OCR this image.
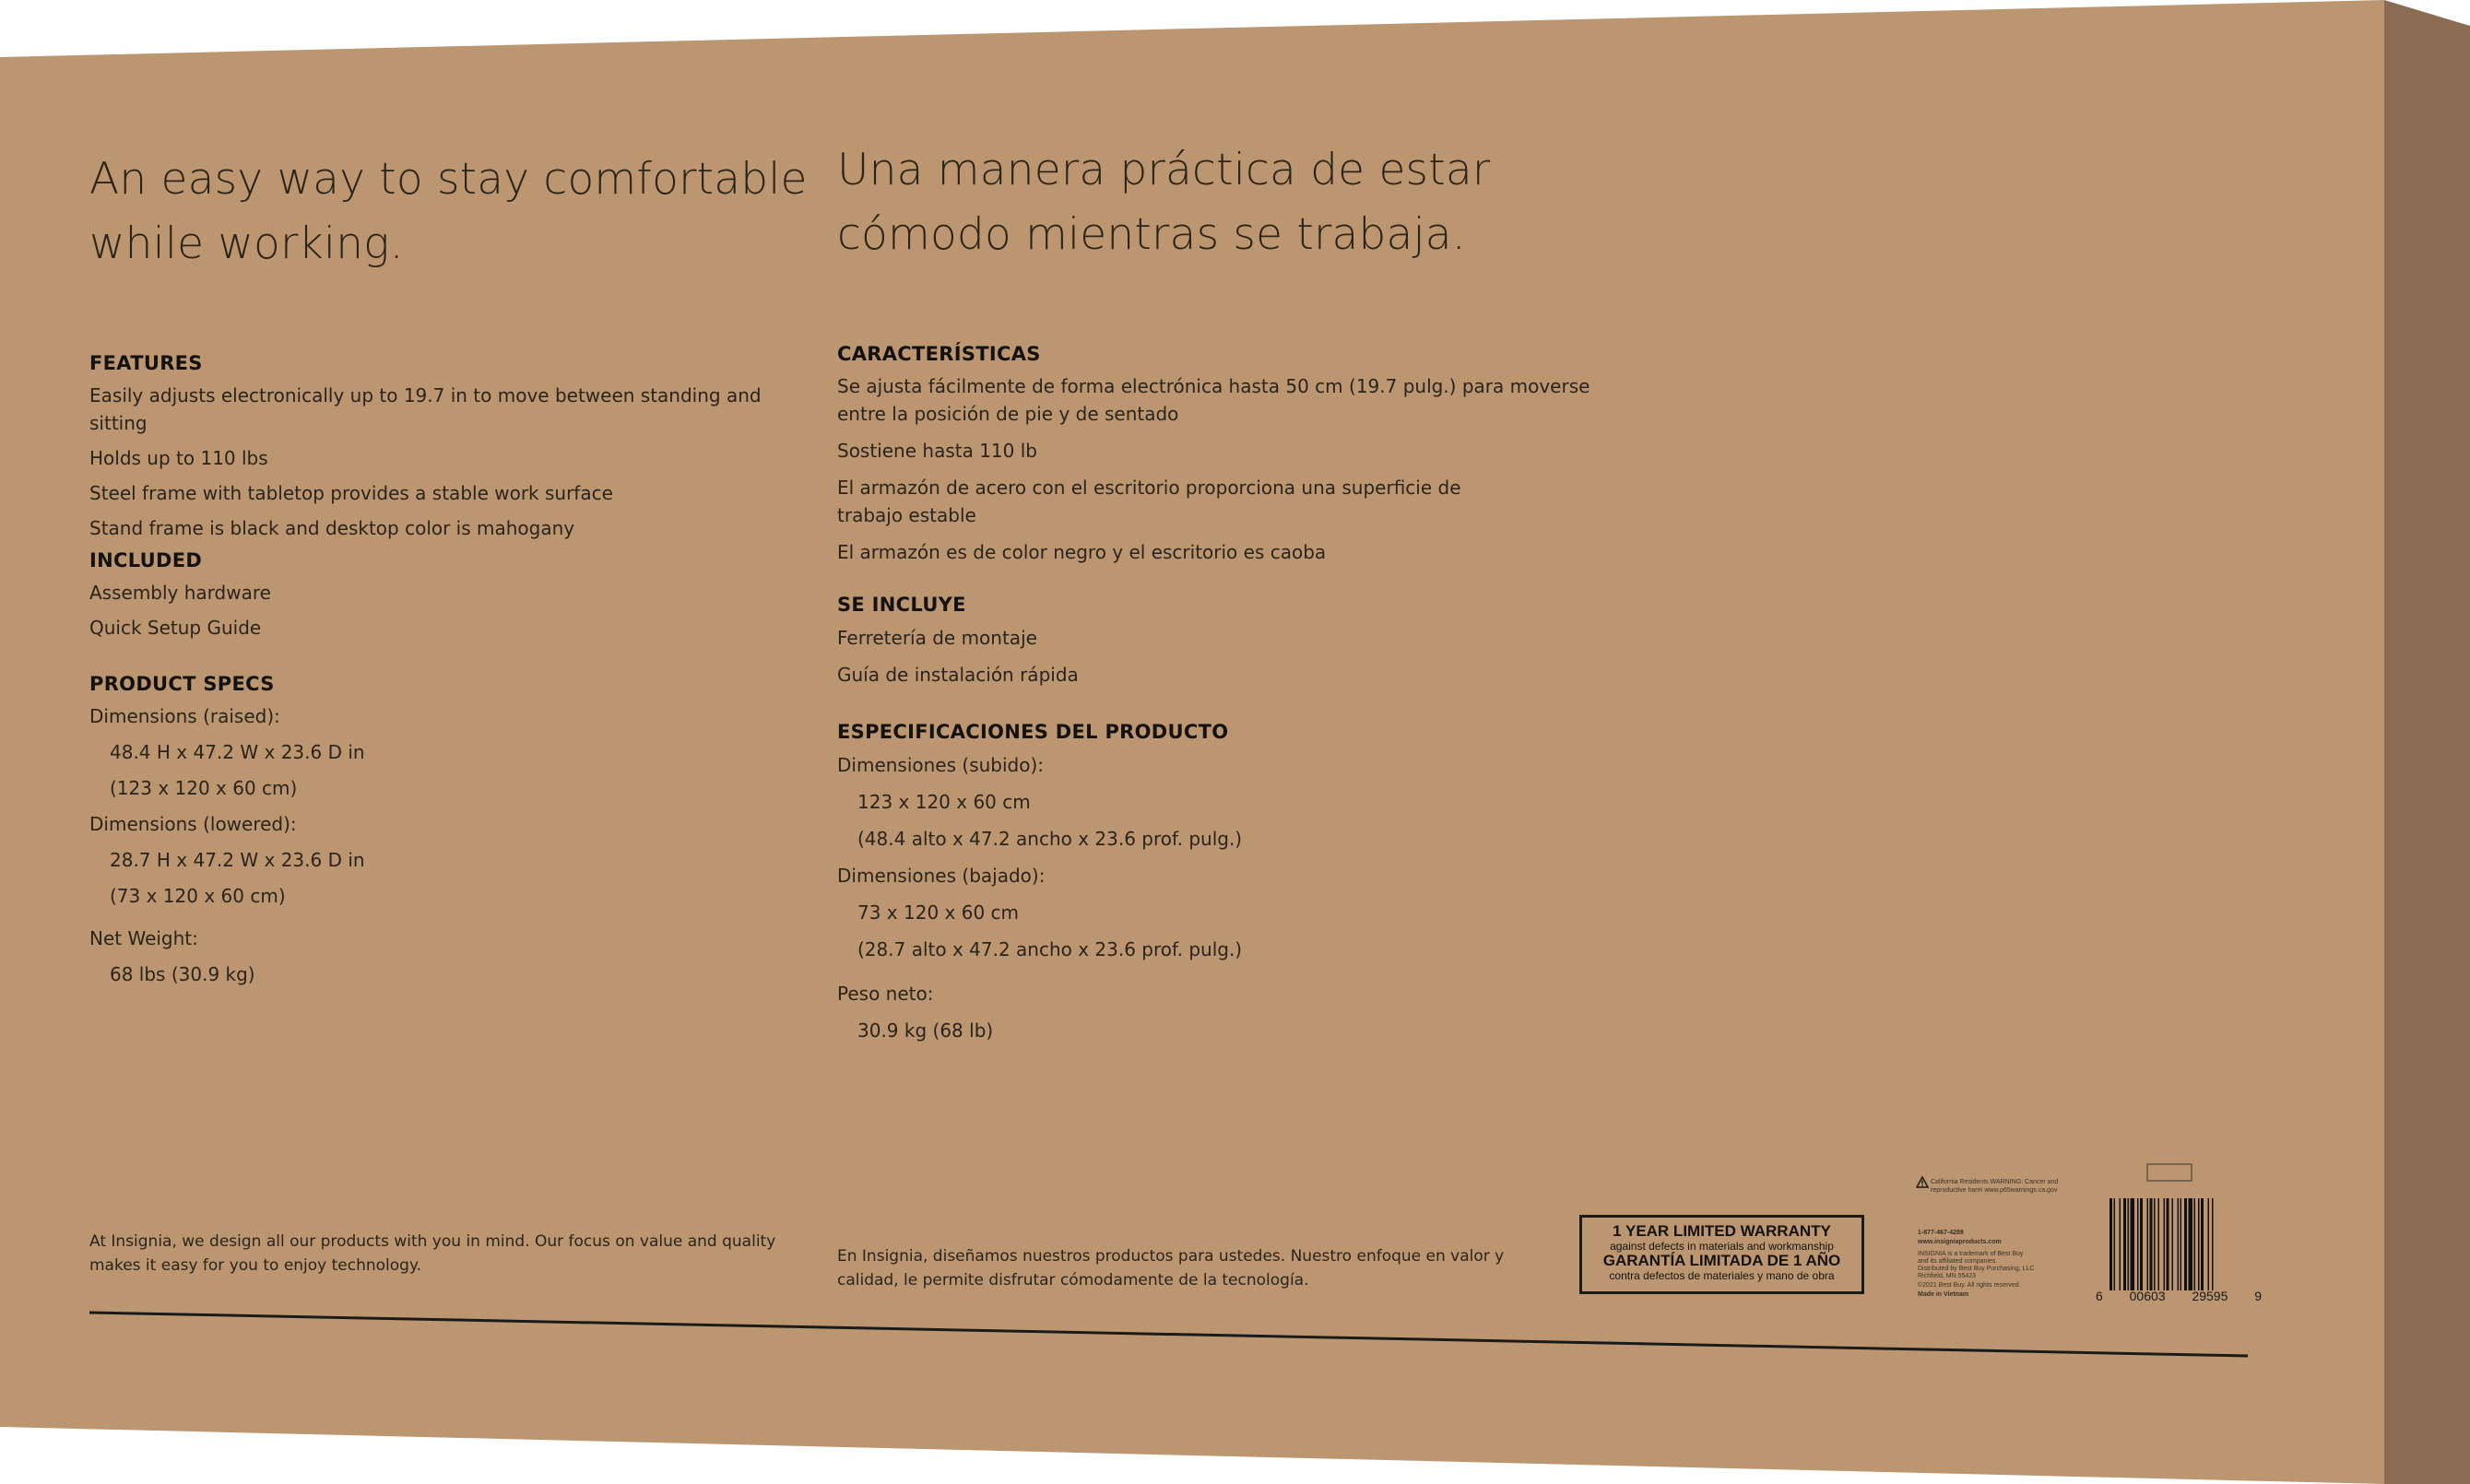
An easy way to stay comfortable

while working.

FEATURES

Easily adjusts electronically up to 19.7 in to move between standing and sitting

Holds up to 110 lbs

Steel frame with tabletop provides a stable work surface

Stand frame is black and desktop color is mahogany

INCLUDED

Assembly hardware

Quick Setup Guide

PRODUCT SPECS

Dimensions (raised):

48.4 H x 47.2 W x 23.6 D in

(123 x 120 x 60 cm)

Dimensions (lowered):

28.7 H x 47.2 W x 23.6 D in

(73 x 120 x 60 cm)

Net Weight:

68 lbs (30.9 kg)

Una manera práctica de estar

cómodo mientras se trabaja.

CARACTERÍSTICAS

Se ajusta fácilmente de forma electrónica hasta 50 cm (19.7 pulg.) para moverse

entre la posición de pie y de sentado

Sostiene hasta 110 lb

El armazón de acero con el escritorio proporciona una superficie de

trabajo estable

El armazón es de color negro y el escritorio es caoba

SE INCLUYE

Ferretería de montaje

Guía de instalación rápida

ESPECIFICACIONES DEL PRODUCTO

Dimensiones (subido):

123 x 120 x 60 cm

(48.4 alto x 47.2 ancho x 23.6 prof. pulg.)

Dimensiones (bajado):

73 x 120 x 60 cm

(28.7 alto x 47.2 ancho x 23.6 prof. pulg.)

Peso neto:

30.9 kg (68 lb)

At Insignia, we design all our products with you in mind. Our focus on value and quality

makes it easy for you to enjoy technology.	En Insignia, diseñamos nuestros productos para ustedes. Nuestro enfoque en valor y

calidad, le permite disfrutar cómodamente de la tecnología.

1 YEAR LIMITED WARRANTY
against defects in materials and workmanship
GARANTÍA LIMITADA DE 1 AÑO
contra defectos de materiales y mano de obra

California Residents WARNING: Cancer and reproductive harm www.p65warnings.ca.gov

1-877-467-4289

www.insigniaproducts.com

INSIGNIA is a trademark of Best Buy

and its affiliated companies.

Distributed by Best Buy Purchasing, LLC

Richfield, MN 55423

©2021 Best Buy. All rights reserved.

Made in Vietnam	6 00603 29595 9
